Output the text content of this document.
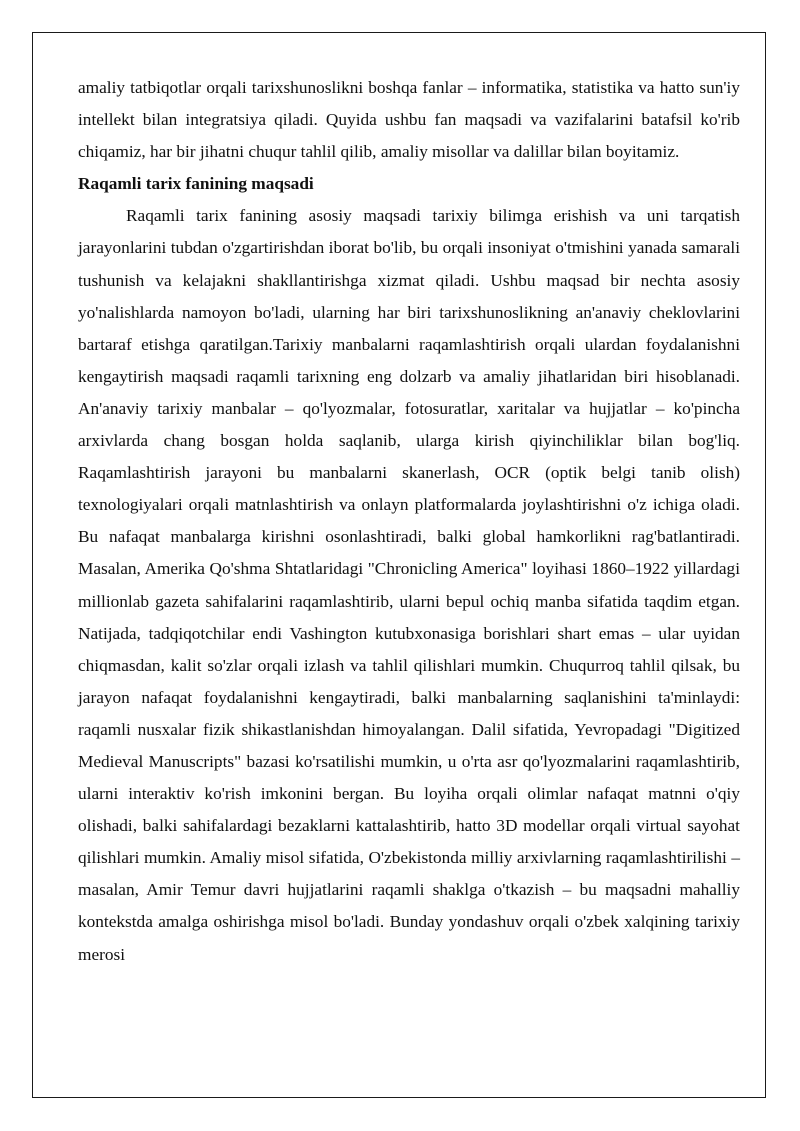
amaliy tatbiqotlar orqali tarixshunoslikni boshqa fanlar – informatika, statistika va hatto sun'iy intellekt bilan integratsiya qiladi. Quyida ushbu fan maqsadi va vazifalarini batafsil ko'rib chiqamiz, har bir jihatni chuqur tahlil qilib, amaliy misollar va dalillar bilan boyitamiz.

Raqamli tarix fanining maqsadi

Raqamli tarix fanining asosiy maqsadi tarixiy bilimga erishish va uni tarqatish jarayonlarini tubdan o'zgartirishdan iborat bo'lib, bu orqali insoniyat o'tmishini yanada samarali tushunish va kelajakni shakllantirishga xizmat qiladi. Ushbu maqsad bir nechta asosiy yo'nalishlarda namoyon bo'ladi, ularning har biri tarixshunoslikning an'anaviy cheklovlarini bartaraf etishga qaratilgan.Tarixiy manbalarni raqamlashtirish orqali ulardan foydalanishni kengaytirish maqsadi raqamli tarixning eng dolzarb va amaliy jihatlaridan biri hisoblanadi. An'anaviy tarixiy manbalar – qo'lyozmalar, fotosuratlar, xaritalar va hujjatlar – ko'pincha arxivlarda chang bosgan holda saqlanib, ularga kirish qiyinchiliklar bilan bog'liq. Raqamlashtirish jarayoni bu manbalarni skanerlash, OCR (optik belgi tanib olish) texnologiyalari orqali matnlashtirish va onlayn platformalarda joylashtirishni o'z ichiga oladi. Bu nafaqat manbalarga kirishni osonlashtiradi, balki global hamkorlikni rag'batlantiradi. Masalan, Amerika Qo'shma Shtatlaridagi "Chronicling America" loyihasi 1860–1922 yillardagi millionlab gazeta sahifalarini raqamlashtirib, ularni bepul ochiq manba sifatida taqdim etgan. Natijada, tadqiqotchilar endi Vashington kutubxonasiga borishlari shart emas – ular uyidan chiqmasdan, kalit so'zlar orqali izlash va tahlil qilishlari mumkin. Chuqurroq tahlil qilsak, bu jarayon nafaqat foydalanishni kengaytiradi, balki manbalarning saqlanishini ta'minlaydi: raqamli nusxalar fizik shikastlanishdan himoyalangan. Dalil sifatida, Yevropadagi "Digitized Medieval Manuscripts" bazasi ko'rsatilishi mumkin, u o'rta asr qo'lyozmalarini raqamlashtirib, ularni interaktiv ko'rish imkonini bergan. Bu loyiha orqali olimlar nafaqat matnni o'qiy olishadi, balki sahifalardagi bezaklarni kattalashtirib, hatto 3D modellar orqali virtual sayohat qilishlari mumkin. Amaliy misol sifatida, O'zbekistonda milliy arxivlarning raqamlashtirilishi – masalan, Amir Temur davri hujjatlarini raqamli shaklga o'tkazish – bu maqsadni mahalliy kontekstda amalga oshirishga misol bo'ladi. Bunday yondashuv orqali o'zbek xalqining tarixiy merosi
